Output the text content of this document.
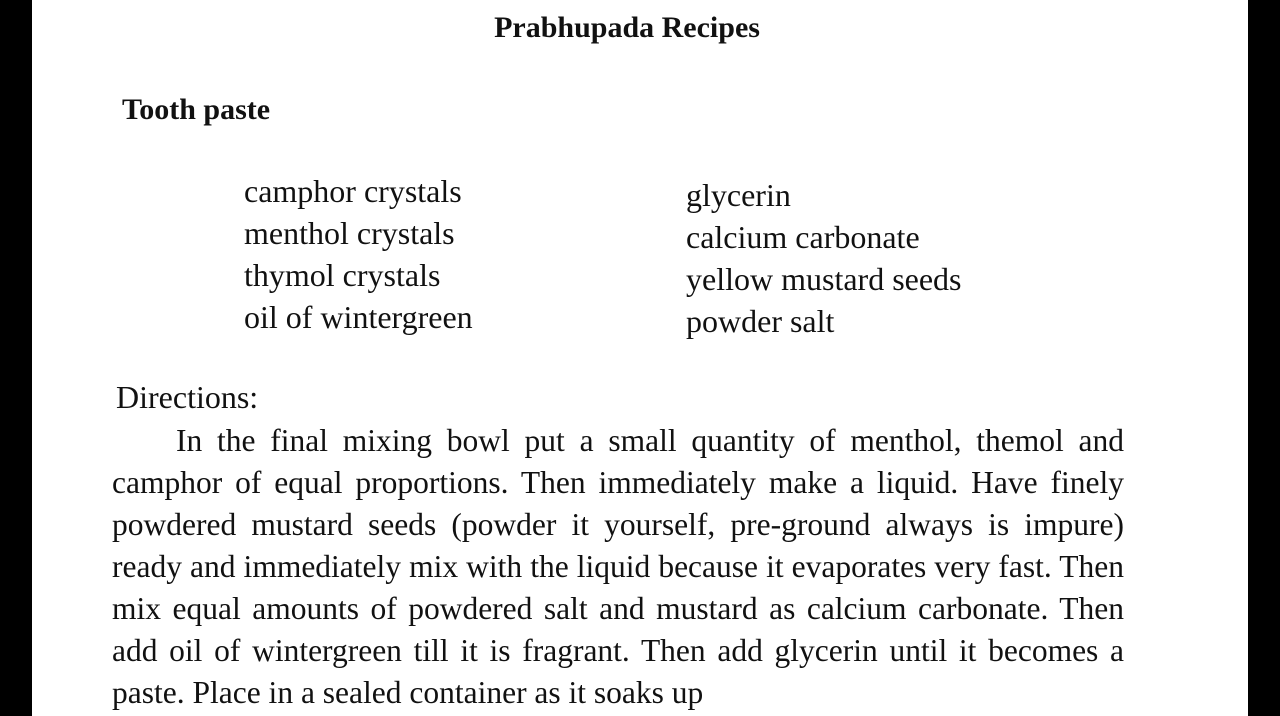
Prabhupada Recipes
Tooth paste
camphor crystals
menthol crystals
thymol crystals
oil of wintergreen
glycerin
calcium carbonate
yellow mustard seeds
powder salt
Directions:

In the final mixing bowl put a small quantity of menthol, themol and camphor of equal proportions. Then immediately make a liquid. Have finely powdered mustard seeds (powder it yourself, pre-ground always is impure) ready and immediately mix with the liquid because it evaporates very fast. Then mix equal amounts of powdered salt and mustard as calcium carbonate. Then add oil of wintergreen till it is fragrant. Then add glycerin until it becomes a paste. Place in a sealed container as it soaks up
